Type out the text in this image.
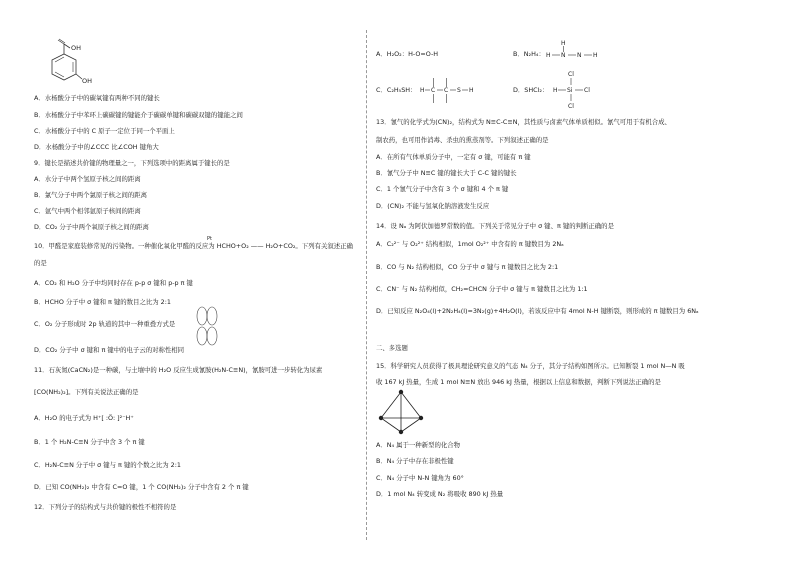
OH
OH
A．水杨酸分子中的碳氧键有两种不同的键长
B．水杨酸分子中苯环上碳碳键的键能介于碳碳单键和碳碳双键的键能之间
C．水杨酸分子中的 C 原子一定位于同一个平面上
D．水杨酸分子中的∠CCC 比∠COH 键角大
9．键长是描述共价键的物理量之一，下列选项中的距离属于键长的是
A．水分子中两个氢原子核之间的距离
B．氯气分子中两个氯原子核之间的距离
C．氩气中两个相邻氩原子核间的距离
D．CO₂ 分子中两个氧原子核之间的距离
10．甲醛是家庭装修常见的污染物。一种催化氧化甲醛的反应为 HCHO+O₂ —— H₂O+CO₂。下列有关叙述正确
Pt
的是
A．CO₂ 和 H₂O 分子中均同时存在 p-p σ 键和 p-p π 键
B．HCHO 分子中 σ 键和 π 键的数目之比为 2:1
C．O₂ 分子形成时 2p 轨道的其中一种重叠方式是
D．CO₂ 分子中 σ 键和 π 键中的电子云的对称性相同
11．石灰氮(CaCN₂)是一种碳，与土壤中的 H₂O 反应生成氰胺(H₂N-C≡N)，氰胺可进一步转化为尿素
[CO(NH₂)₂]。下列有关说法正确的是
A．H₂O 的电子式为 H⁺[ :Ö: ]²⁻H⁺
B．1 个 H₂N-C≡N 分子中含 3 个 π 键
C．H₂N-C≡N 分子中 σ 键与 π 键的个数之比为 2:1
D．已知 CO(NH₂)₂ 中含有 C=O 键，1 个 CO(NH₂)₂ 分子中含有 2 个 π 键
12．下列分子的结构式与共价键的极性不相符的是
A．H₂O₂：H-O=O-H	B．N₂H₄： H N
H
N H
C．C₂H₅SH： H C C S H	D．SHCl₂：
Cl
H Si Cl
Cl
13．氰气的化学式为(CN)₂，结构式为 N≡C-C≡N，其性质与卤素气体单质相似。氰气可用于有机合成、
制农药，也可用作消毒、杀虫的熏蒸剂等。下列叙述正确的是
A．在所有气体单质分子中，一定有 σ 键，可能有 π 键
B．氰气分子中 N≡C 键的键长大于 C-C 键的键长
C．1 个氰气分子中含有 3 个 σ 键和 4 个 π 键
D．(CN)₂ 不能与氢氧化钠溶液发生反应
14．设 Nₐ 为阿伏加德罗常数的值。下列关于常见分子中 σ 键、π 键的判断正确的是
A．C₂²⁻ 与 O₂²⁺ 结构相似，1mol O₂²⁺ 中含有的 π 键数目为 2Nₐ
B．CO 与 N₂ 结构相似，CO 分子中 σ 键与 π 键数目之比为 2:1
C．CN⁻ 与 N₂ 结构相似，CH₂=CHCN 分子中 σ 键与 π 键数目之比为 1:1
D．已知反应 N₂O₄(l)+2N₂H₄(l)=3N₂(g)+4H₂O(l)，若该反应中有 4mol N-H 键断裂，则形成的 π 键数目为 6Nₐ
二、多选题
15．科学研究人员获得了极具理论研究意义的气态 N₄ 分子，其分子结构如图所示。已知断裂 1 mol N—N 吸
收 167 kJ 热量，生成 1 mol N≡N 放出 946 kJ 热量，根据以上信息和数据，判断下列说法正确的是
A．N₄ 属于一种新型的化合物
B．N₄ 分子中存在非极性键
C．N₄ 分子中 N-N 键角为 60°
D．1 mol N₄ 转变成 N₂ 将吸收 890 kJ 热量
